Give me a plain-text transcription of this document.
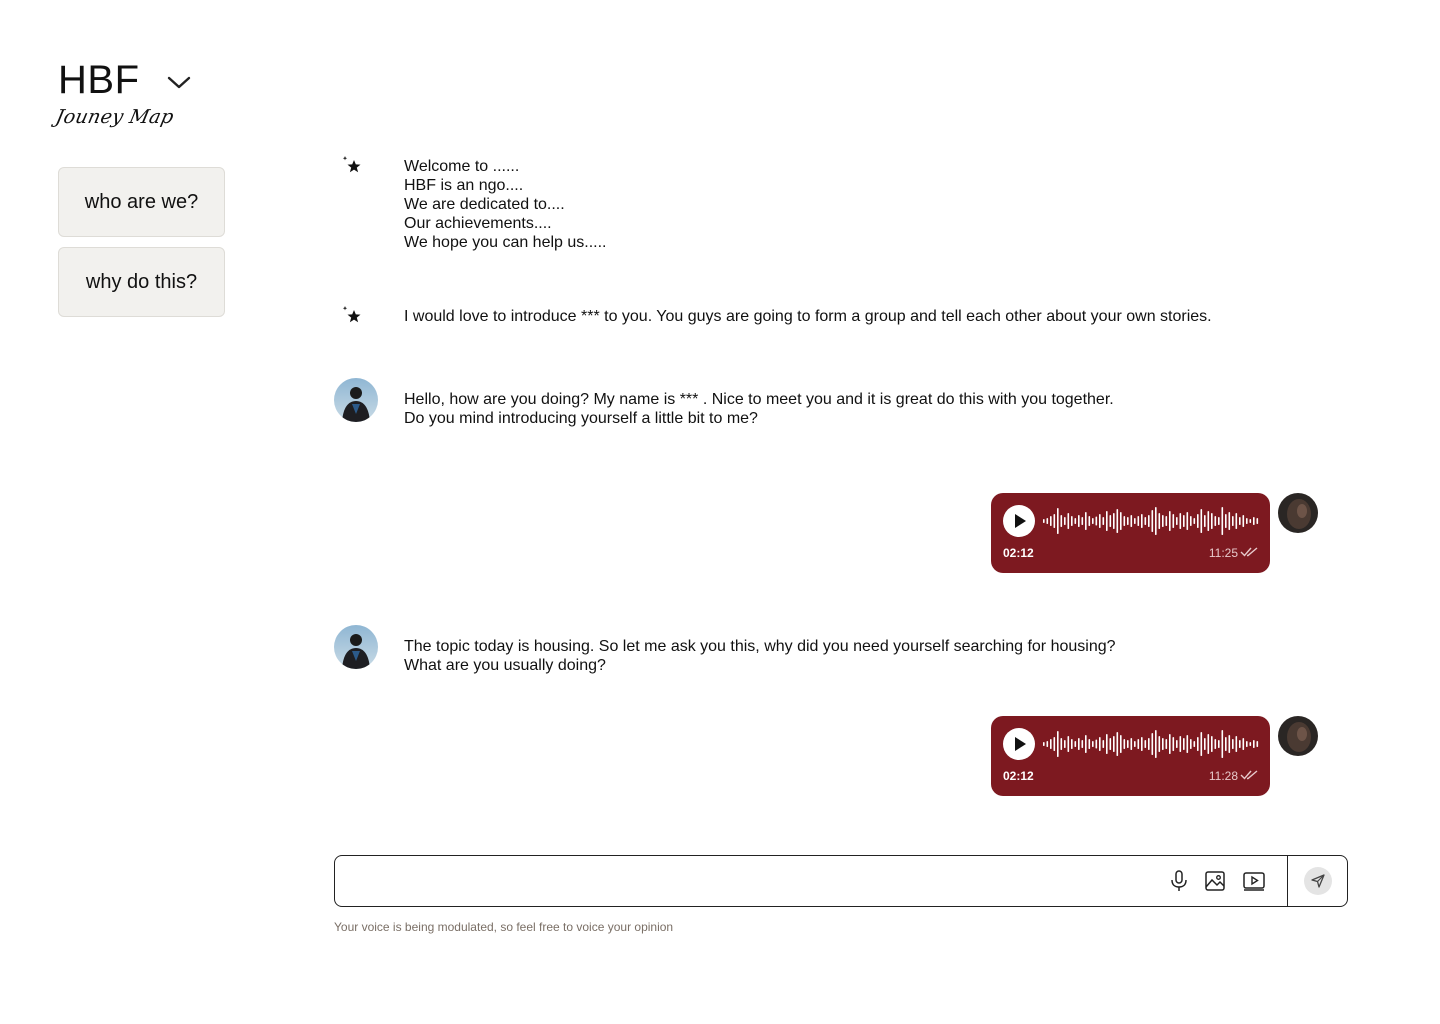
HBF
Jouney Map
who are we?
why do this?
Welcome to ......
HBF is an ngo....
We are dedicated to....
Our achievements....
We hope you can help us.....
I would love to introduce *** to you. You guys are going to form a group and tell each other about your own stories.
Hello, how are you doing? My name is *** . Nice to meet you and it is great do this with you together.
Do you mind introducing yourself a little bit to me?
02:12	11:25
The topic today is housing. So let me ask you this, why did you need yourself searching for housing?
What are you usually doing?
02:12	11:28
Your voice is being modulated, so feel free to voice your opinion
